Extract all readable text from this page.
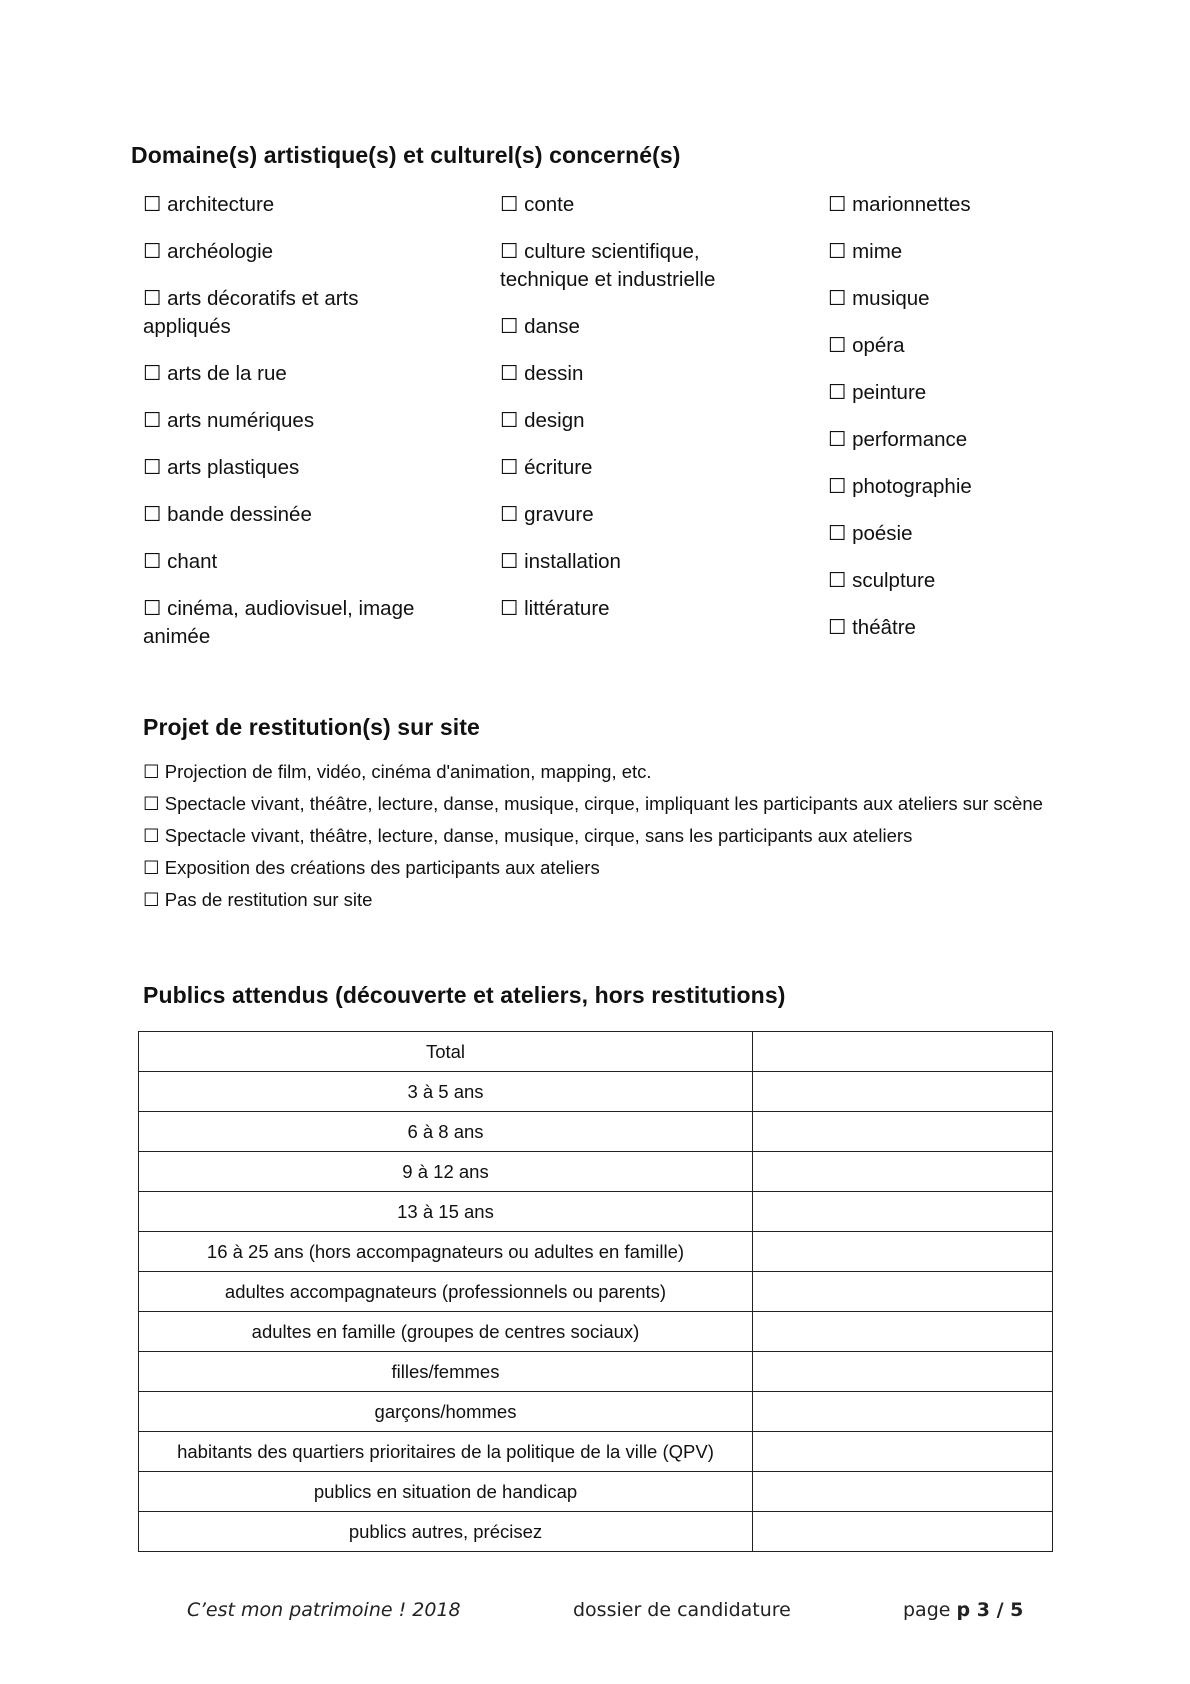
Domaine(s) artistique(s) et culturel(s) concerné(s)
☐ architecture
☐ archéologie
☐ arts décoratifs et arts appliqués
☐ arts de la rue
☐ arts numériques
☐ arts plastiques
☐ bande dessinée
☐ chant
☐ cinéma, audiovisuel, image animée
☐ conte
☐ culture scientifique, technique et industrielle
☐ danse
☐ dessin
☐ design
☐ écriture
☐ gravure
☐ installation
☐ littérature
☐ marionnettes
☐ mime
☐ musique
☐ opéra
☐ peinture
☐ performance
☐ photographie
☐ poésie
☐ sculpture
☐ théâtre
Projet de restitution(s) sur site
☐ Projection de film, vidéo, cinéma d'animation, mapping, etc.
☐ Spectacle vivant, théâtre, lecture, danse, musique, cirque, impliquant les participants aux ateliers sur scène
☐ Spectacle vivant, théâtre, lecture, danse, musique, cirque, sans les participants aux ateliers
☐ Exposition des créations des participants aux ateliers
☐ Pas de restitution sur site
Publics attendus (découverte et ateliers, hors restitutions)
Total	
3 à 5 ans	
6 à 8 ans	
9 à 12 ans	
13 à 15 ans	
16 à 25 ans (hors accompagnateurs ou adultes en famille)	
adultes accompagnateurs (professionnels ou parents)	
adultes en famille (groupes de centres sociaux)	
filles/femmes	
garçons/hommes	
habitants des quartiers prioritaires de la politique de la ville (QPV)	
publics en situation de handicap	
publics autres, précisez	
C’est mon patrimoine ! 2018	dossier de candidature	page p 3 / 5
